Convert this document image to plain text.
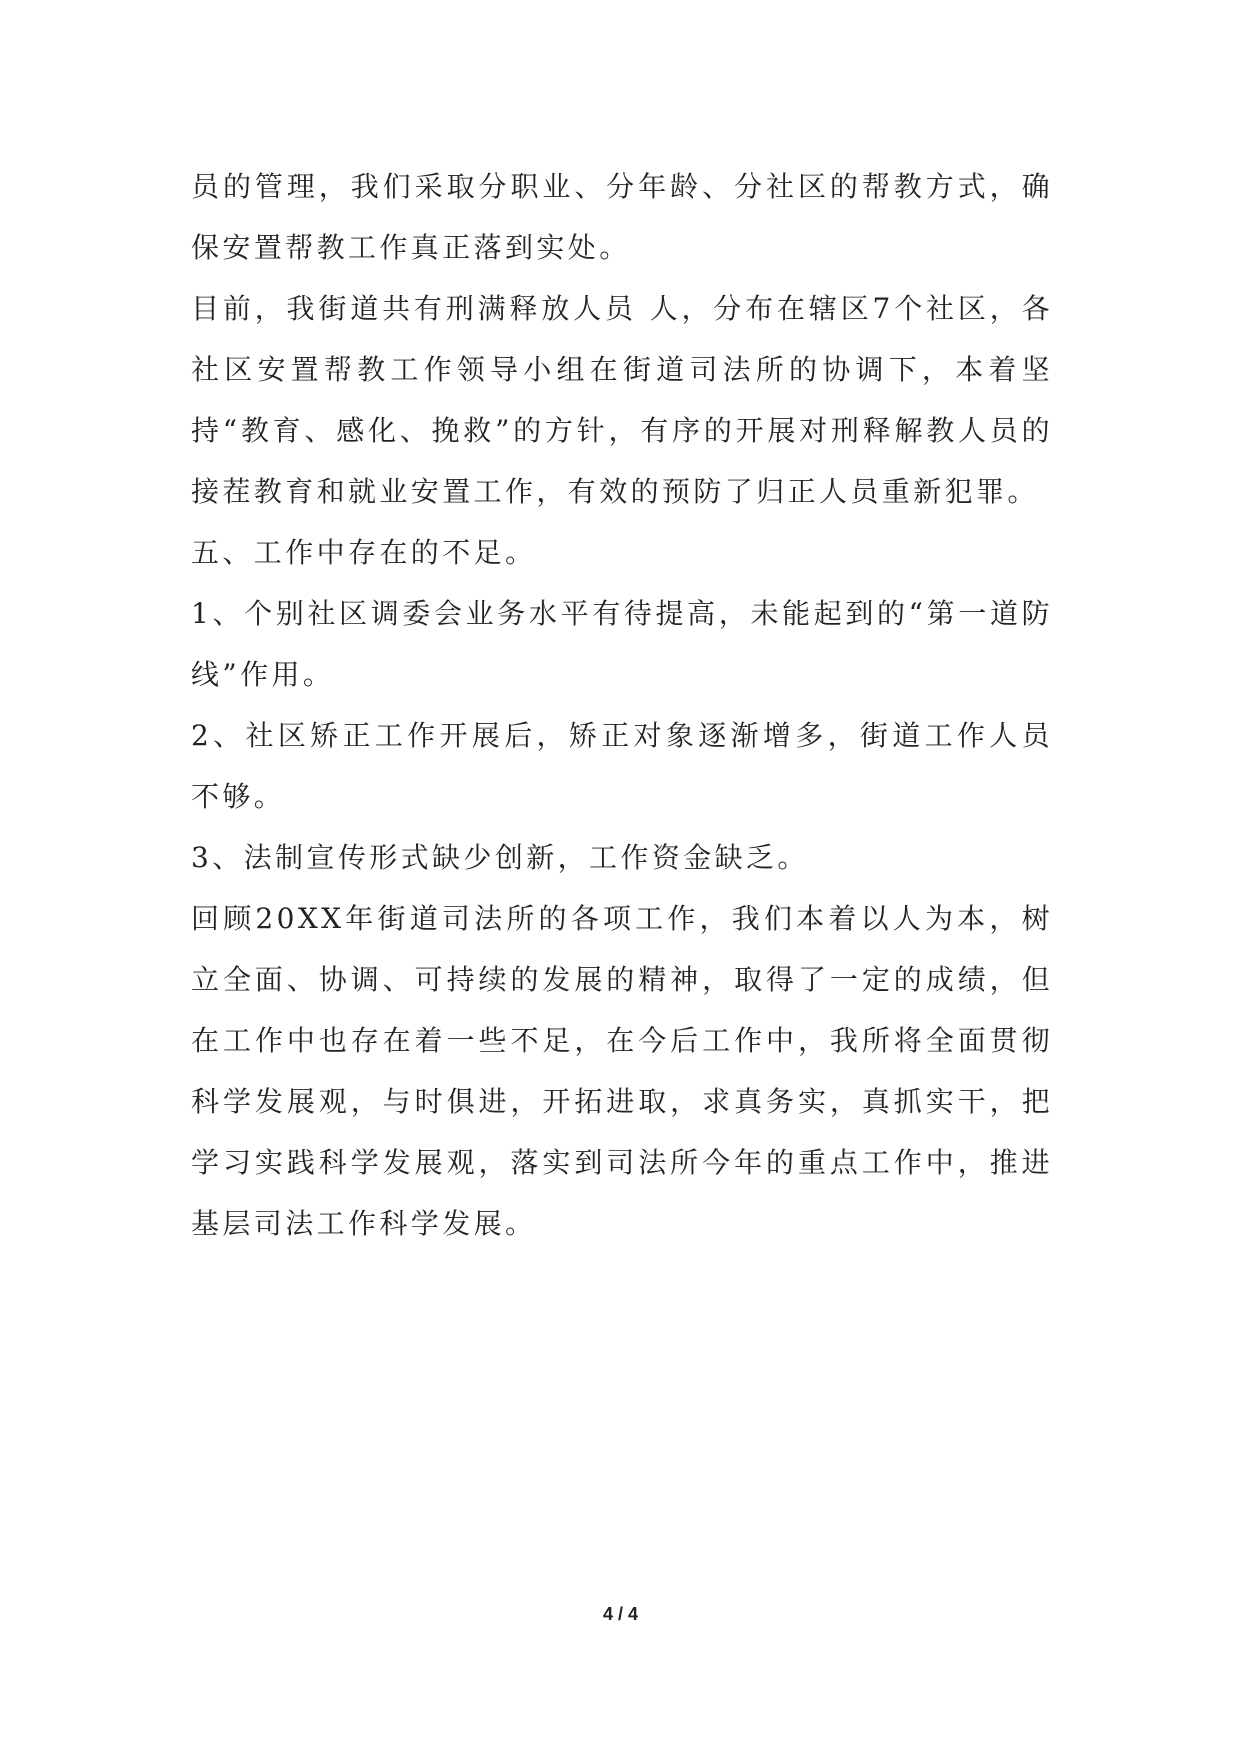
员的管理，我们采取分职业、分年龄、分社区的帮教方式，确保安置帮教工作真正落到实处。

目前，我街道共有刑满释放人员 人，分布在辖区7个社区，各社区安置帮教工作领导小组在街道司法所的协调下，本着坚持“教育、感化、挽救”的方针，有序的开展对刑释解教人员的接茬教育和就业安置工作，有效的预防了归正人员重新犯罪。

五、工作中存在的不足。

1、个别社区调委会业务水平有待提高，未能起到的“第一道防线”作用。

2、社区矫正工作开展后，矫正对象逐渐增多，街道工作人员不够。

3、法制宣传形式缺少创新，工作资金缺乏。

回顾20XX年街道司法所的各项工作，我们本着以人为本，树立全面、协调、可持续的发展的精神，取得了一定的成绩，但在工作中也存在着一些不足，在今后工作中，我所将全面贯彻科学发展观，与时俱进，开拓进取，求真务实，真抓实干，把学习实践科学发展观，落实到司法所今年的重点工作中，推进基层司法工作科学发展。

4 / 4
